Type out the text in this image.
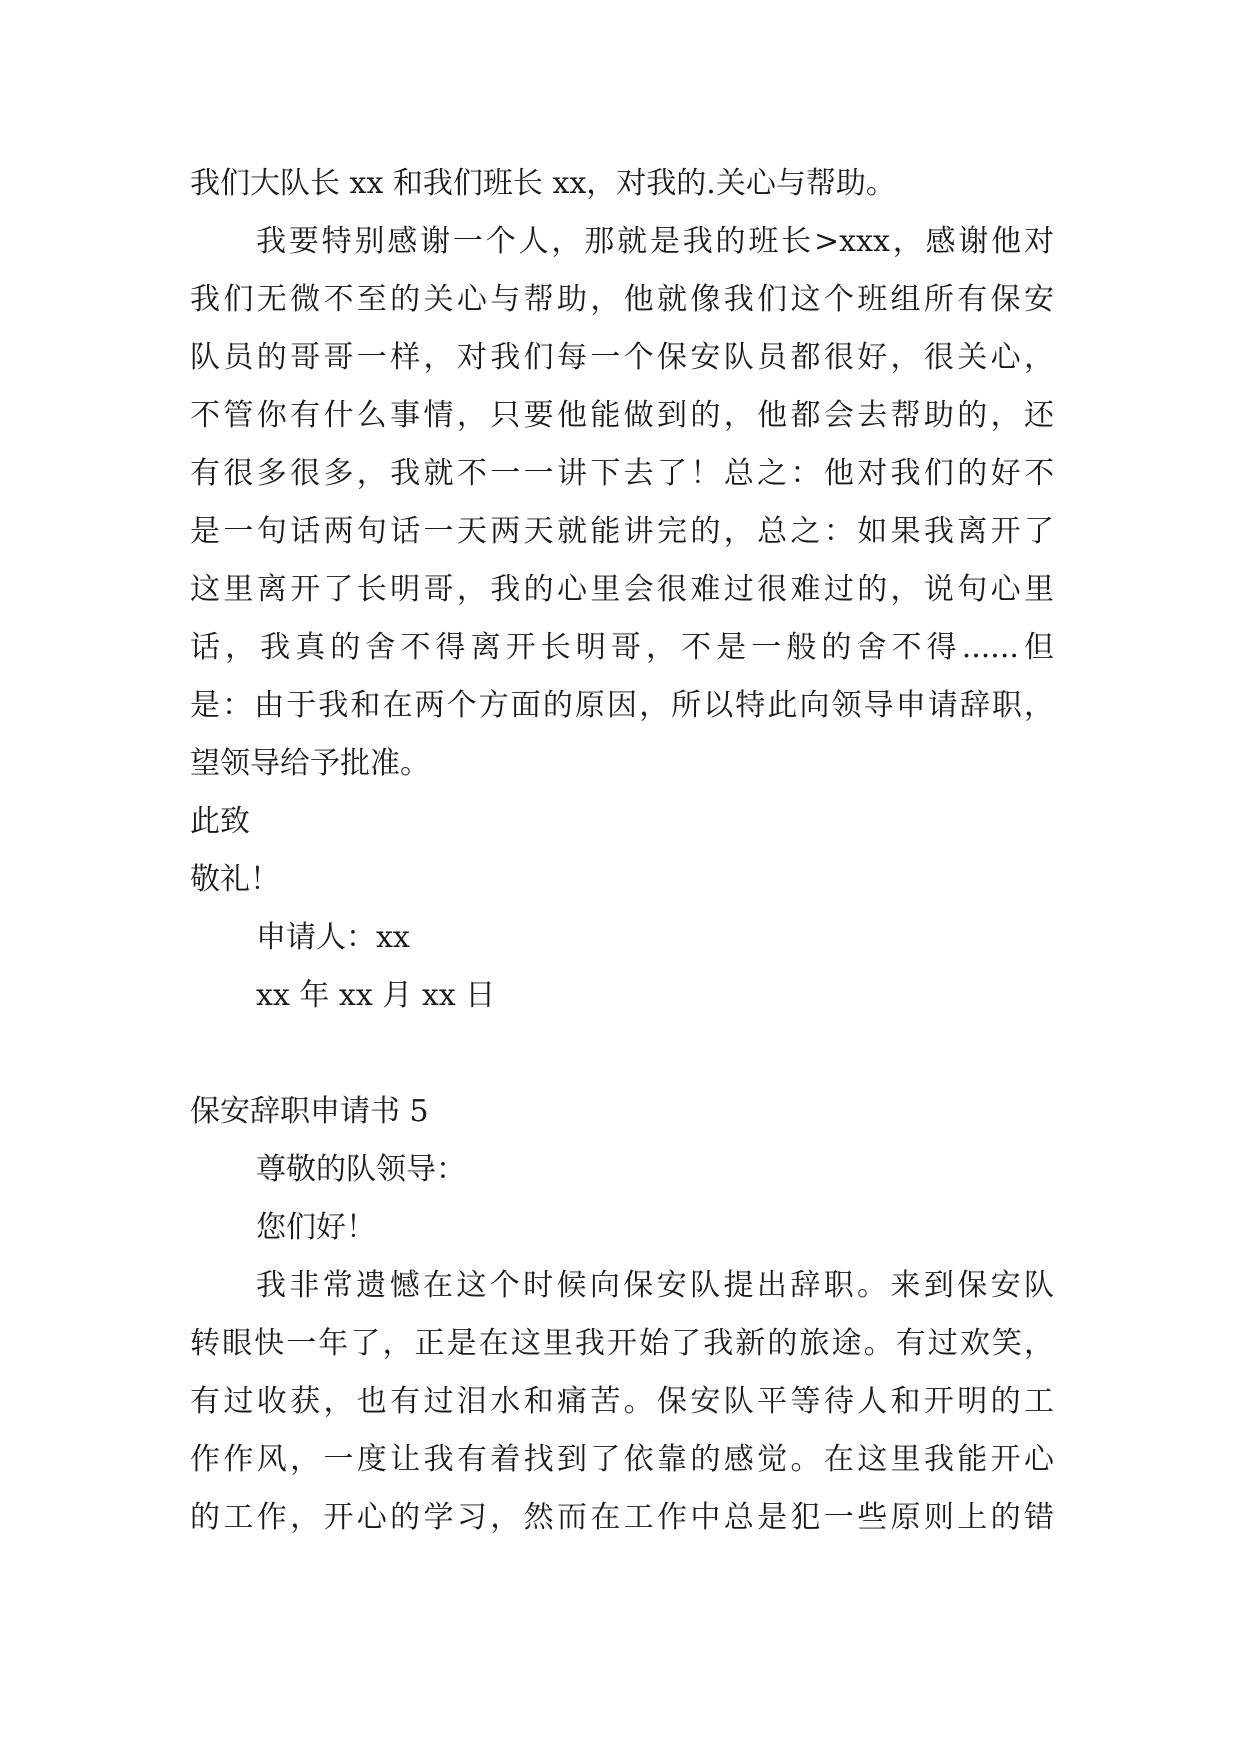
我们大队长 xx 和我们班长 xx，对我的.关心与帮助。
我要特别感谢一个人，那就是我的班长>xxx，感谢他对
我们无微不至的关心与帮助，他就像我们这个班组所有保安
队员的哥哥一样，对我们每一个保安队员都很好，很关心，
不管你有什么事情，只要他能做到的，他都会去帮助的，还
有很多很多，我就不一一讲下去了！总之：他对我们的好不
是一句话两句话一天两天就能讲完的，总之：如果我离开了
这里离开了长明哥，我的心里会很难过很难过的，说句心里
话，我真的舍不得离开长明哥，不是一般的舍不得......但
是：由于我和在两个方面的原因，所以特此向领导申请辞职，
望领导给予批准。
此致
敬礼！
申请人：xx
xx 年 xx 月 xx 日
保安辞职申请书 5
尊敬的队领导：
您们好！
我非常遗憾在这个时候向保安队提出辞职。来到保安队
转眼快一年了，正是在这里我开始了我新的旅途。有过欢笑，
有过收获，也有过泪水和痛苦。保安队平等待人和开明的工
作作风，一度让我有着找到了依靠的感觉。在这里我能开心
的工作，开心的学习，然而在工作中总是犯一些原则上的错
